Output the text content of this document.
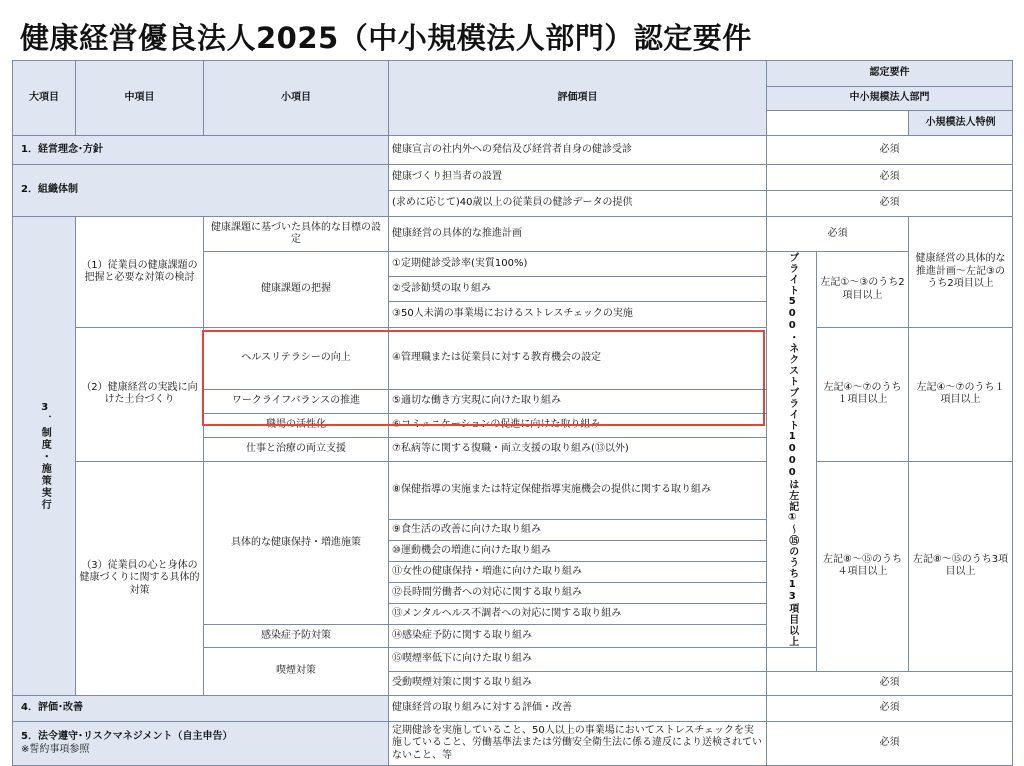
健康経営優良法人2025（中小規模法人部門）認定要件
大項目	中項目	小項目	評価項目	認定要件		
				中小規模法人部門		
						小規模法人特例
1．経営理念･方針			健康宣言の社内外への発信及び経営者自身の健診受診	必須		
2．組織体制			健康づくり担当者の設置	必須		
			(求めに応じて)40歳以上の従業員の健診データの提供	必須		
3．制度・施策実行	（1）従業員の健康課題の把握と必要な対策の検討	健康課題に基づいた具体的な目標の設定	健康経営の具体的な推進計画	必須		健康経営の具体的な推進計画～左記③のうち2項目以上
		健康課題の把握	①定期健診受診率(実質100%)	ブライト500・ネクストブライト1000は左記①～⑮のうち13項目以上	左記①～③のうち2項目以上	
			②受診勧奨の取り組み			
			③50人未満の事業場におけるストレスチェックの実施			
	（2）健康経営の実践に向けた土台づくり	ヘルスリテラシーの向上	④管理職または従業員に対する教育機会の設定		左記④～⑦のうち１項目以上	左記④～⑦のうち１項目以上
		ワークライフバランスの推進	⑤適切な働き方実現に向けた取り組み			
		職場の活性化	⑥コミュニケーションの促進に向けた取り組み			
		仕事と治療の両立支援	⑦私病等に関する復職・両立支援の取り組み(⑬以外)			
	（3）従業員の心と身体の健康づくりに関する具体的対策	具体的な健康保持・増進施策	⑧保健指導の実施または特定保健指導実施機会の提供に関する取り組み		左記⑧～⑮のうち４項目以上	左記⑧～⑮のうち3項目以上
			⑨食生活の改善に向けた取り組み			
			⑩運動機会の増進に向けた取り組み			
			⑪女性の健康保持・増進に向けた取り組み			
			⑫長時間労働者への対応に関する取り組み			
			⑬メンタルヘルス不調者への対応に関する取り組み			
		感染症予防対策	⑭感染症予防に関する取り組み			
		喫煙対策	⑮喫煙率低下に向けた取り組み			
			受動喫煙対策に関する取り組み	必須		
4．評価･改善			健康経営の取り組みに対する評価・改善	必須		

5．法令遵守･リスクマネジメント（自主申告）
※誓約事項参照			定期健診を実施していること、50人以上の事業場においてストレスチェックを実施していること、労働基準法または労働安全衛生法に係る違反により送検されていないこと、等	必須		
